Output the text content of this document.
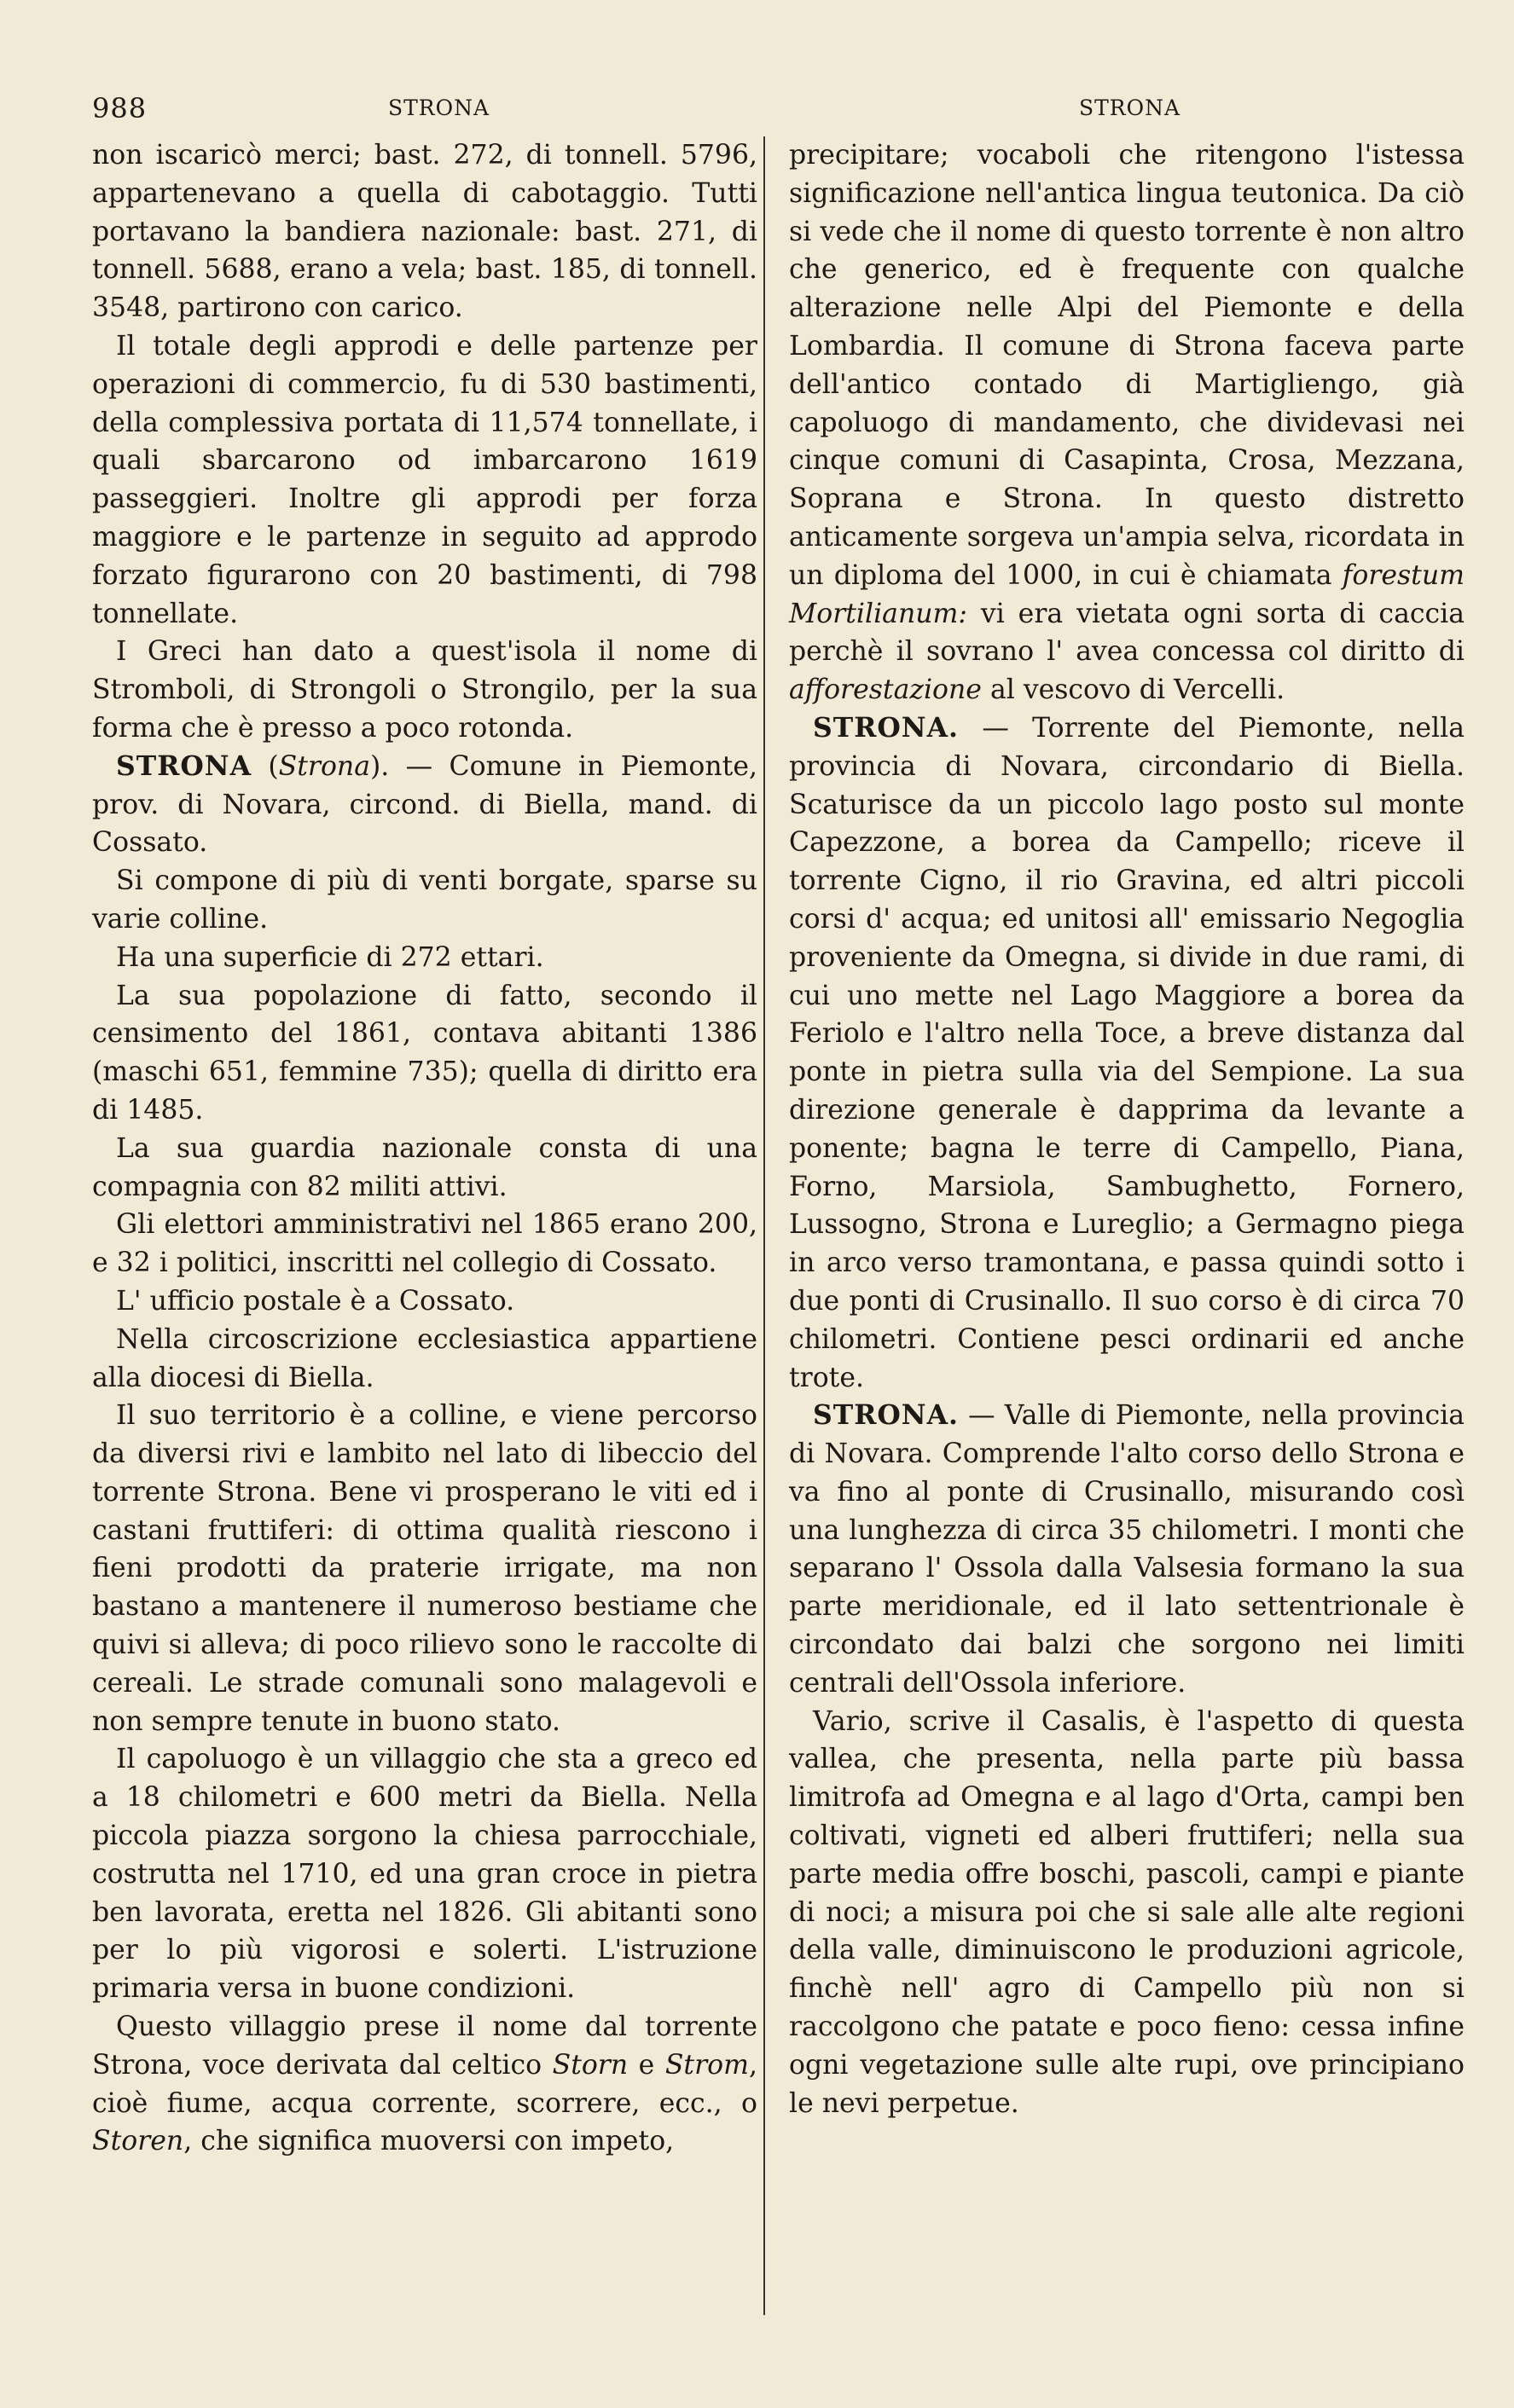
988	STRONA	STRONA

non iscaricò merci; bast. 272, di tonnell. 5796, appartenevano a quella di cabotaggio. Tutti portavano la bandiera nazionale: bast. 271, di tonnell. 5688, erano a vela; bast. 185, di tonnell. 3548, partirono con carico.

Il totale degli approdi e delle partenze per operazioni di commercio, fu di 530 bastimenti, della complessiva portata di 11,574 tonnellate, i quali sbarcarono od imbarcarono 1619 passeggieri. Inoltre gli approdi per forza maggiore e le partenze in seguito ad approdo forzato figurarono con 20 bastimenti, di 798 tonnellate.

I Greci han dato a quest'isola il nome di Stromboli, di Strongoli o Strongilo, per la sua forma che è presso a poco rotonda.

STRONA (Strona). — Comune in Piemonte, prov. di Novara, circond. di Biella, mand. di Cossato.

Si compone di più di venti borgate, sparse su varie colline.

Ha una superficie di 272 ettari.

La sua popolazione di fatto, secondo il censimento del 1861, contava abitanti 1386 (maschi 651, femmine 735); quella di diritto era di 1485.

La sua guardia nazionale consta di una compagnia con 82 militi attivi.

Gli elettori amministrativi nel 1865 erano 200, e 32 i politici, inscritti nel collegio di Cossato.

L' ufficio postale è a Cossato.

Nella circoscrizione ecclesiastica appartiene alla diocesi di Biella.

Il suo territorio è a colline, e viene percorso da diversi rivi e lambito nel lato di libeccio del torrente Strona. Bene vi prosperano le viti ed i castani fruttiferi: di ottima qualità riescono i fieni prodotti da praterie irrigate, ma non bastano a mantenere il numeroso bestiame che quivi si alleva; di poco rilievo sono le raccolte di cereali. Le strade comunali sono malagevoli e non sempre tenute in buono stato.

Il capoluogo è un villaggio che sta a greco ed a 18 chilometri e 600 metri da Biella. Nella piccola piazza sorgono la chiesa parrocchiale, costrutta nel 1710, ed una gran croce in pietra ben lavorata, eretta nel 1826. Gli abitanti sono per lo più vigorosi e solerti. L'istruzione primaria versa in buone condizioni.

Questo villaggio prese il nome dal torrente Strona, voce derivata dal celtico Storn e Strom, cioè fiume, acqua corrente, scorrere, ecc., o Storen, che significa muoversi con impeto,

precipitare; vocaboli che ritengono l'istessa significazione nell'antica lingua teutonica. Da ciò si vede che il nome di questo torrente è non altro che generico, ed è frequente con qualche alterazione nelle Alpi del Piemonte e della Lombardia. Il comune di Strona faceva parte dell'antico contado di Martigliengo, già capoluogo di mandamento, che dividevasi nei cinque comuni di Casapinta, Crosa, Mezzana, Soprana e Strona. In questo distretto anticamente sorgeva un'ampia selva, ricordata in un diploma del 1000, in cui è chiamata forestum Mortilianum: vi era vietata ogni sorta di caccia perchè il sovrano l' avea concessa col diritto di afforestazione al vescovo di Vercelli.

STRONA. — Torrente del Piemonte, nella provincia di Novara, circondario di Biella. Scaturisce da un piccolo lago posto sul monte Capezzone, a borea da Campello; riceve il torrente Cigno, il rio Gravina, ed altri piccoli corsi d' acqua; ed unitosi all' emissario Negoglia proveniente da Omegna, si divide in due rami, di cui uno mette nel Lago Maggiore a borea da Feriolo e l'altro nella Toce, a breve distanza dal ponte in pietra sulla via del Sempione. La sua direzione generale è dapprima da levante a ponente; bagna le terre di Campello, Piana, Forno, Marsiola, Sambughetto, Fornero, Lussogno, Strona e Lureglio; a Germagno piega in arco verso tramontana, e passa quindi sotto i due ponti di Crusinallo. Il suo corso è di circa 70 chilometri. Contiene pesci ordinarii ed anche trote.

STRONA. — Valle di Piemonte, nella provincia di Novara. Comprende l'alto corso dello Strona e va fino al ponte di Crusinallo, misurando così una lunghezza di circa 35 chilometri. I monti che separano l' Ossola dalla Valsesia formano la sua parte meridionale, ed il lato settentrionale è circondato dai balzi che sorgono nei limiti centrali dell'Ossola inferiore.

Vario, scrive il Casalis, è l'aspetto di questa vallea, che presenta, nella parte più bassa limitrofa ad Omegna e al lago d'Orta, campi ben coltivati, vigneti ed alberi fruttiferi; nella sua parte media offre boschi, pascoli, campi e piante di noci; a misura poi che si sale alle alte regioni della valle, diminuiscono le produzioni agricole, finchè nell' agro di Campello più non si raccolgono che patate e poco fieno: cessa infine ogni vegetazione sulle alte rupi, ove principiano le nevi perpetue.
